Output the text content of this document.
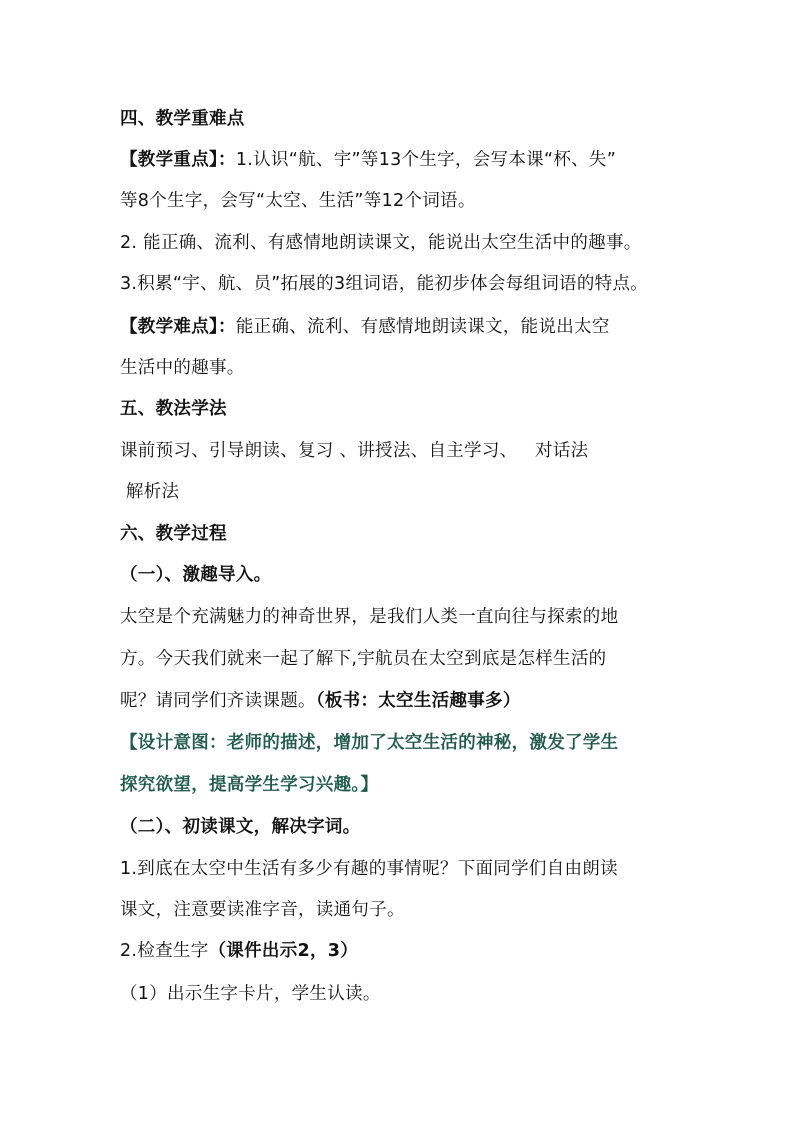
四、教学重难点
【教学重点】：1.认识“航、宇”等13个生字，会写本课“杯、失”
等8个生字，会写“太空、生活”等12个词语。
2. 能正确、流利、有感情地朗读课文，能说出太空生活中的趣事。
3.积累“宇、航、员”拓展的3组词语，能初步体会每组词语的特点。
【教学难点】：能正确、流利、有感情地朗读课文，能说出太空
生活中的趣事。
五、教法学法
课前预习、引导朗读、复习 、讲授法、自主学习、   对话法
解析法
六、教学过程
（一）、激趣导入。
太空是个充满魅力的神奇世界，是我们人类一直向往与探索的地
方。今天我们就来一起了解下,宇航员在太空到底是怎样生活的
呢？请同学们齐读课题。（板书：太空生活趣事多）
【设计意图：老师的描述，增加了太空生活的神秘，激发了学生
探究欲望，提高学生学习兴趣。】
（二）、初读课文，解决字词。
1.到底在太空中生活有多少有趣的事情呢？下面同学们自由朗读
课文，注意要读准字音，读通句子。
2.检查生字（课件出示2，3）
（1）出示生字卡片，学生认读。
